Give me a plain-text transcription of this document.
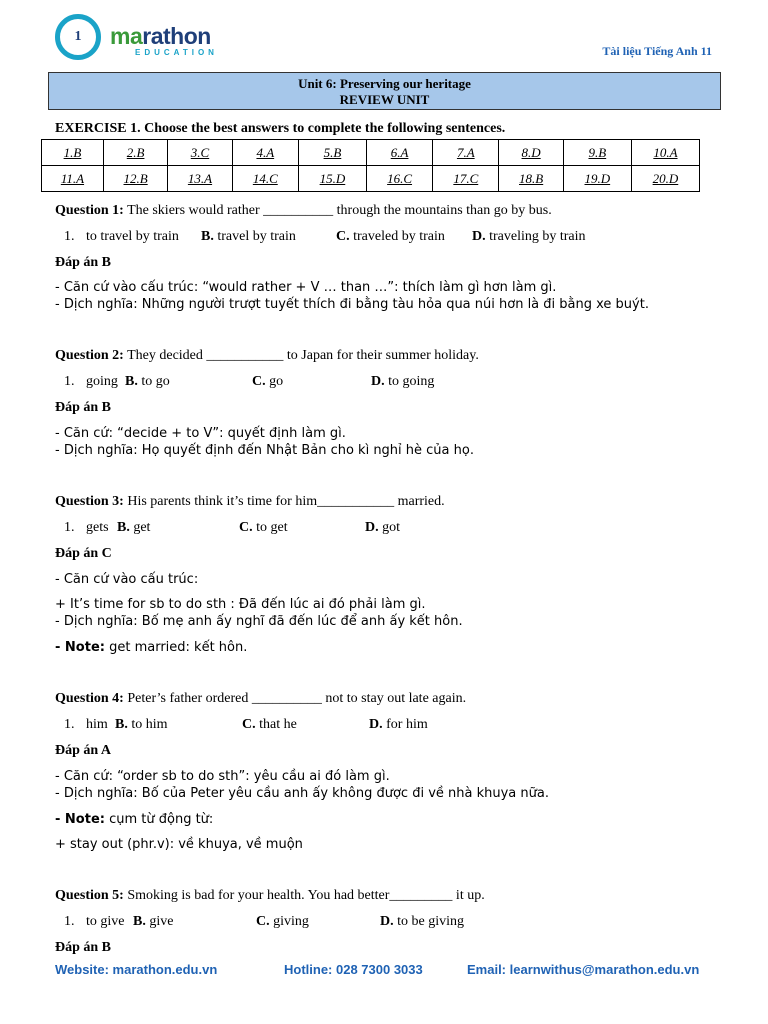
1 marathon
EDUCATION	Tài liệu Tiếng Anh 11
Unit 6: Preserving our heritage
REVIEW UNIT
EXERCISE 1. Choose the best answers to complete the following sentences.
1.B	2.B	3.C	4.A	5.B	6.A	7.A	8.D	9.B	10.A
11.A	12.B	13.A	14.C	15.D	16.C	17.C	18.B	19.D	20.D
Question 1: The skiers would rather __________ through the mountains than go by bus.
1. to travel by train B. travel by train	C. traveled by train D. traveling by train
Đáp án B
- Căn cứ vào cấu trúc: “would rather + V … than …”: thích làm gì hơn làm gì.
- Dịch nghĩa: Những người trượt tuyết thích đi bằng tàu hỏa qua núi hơn là đi bằng xe buýt.
Question 2: They decided ___________ to Japan for their summer holiday.
1. going B. to go	C. go	D. to going
Đáp án B
- Căn cứ: “decide + to V”: quyết định làm gì.
- Dịch nghĩa: Họ quyết định đến Nhật Bản cho kì nghỉ hè của họ.
Question 3: His parents think it’s time for him___________ married.
1. gets B. get	C. to get	D. got
Đáp án C
- Căn cứ vào cấu trúc:
+ It’s time for sb to do sth : Đã đến lúc ai đó phải làm gì.
- Dịch nghĩa: Bố mẹ anh ấy nghĩ đã đến lúc để anh ấy kết hôn.
- Note: get married: kết hôn.
Question 4: Peter’s father ordered __________ not to stay out late again.
1. him B. to him	C. that he	D. for him
Đáp án A
- Căn cứ: “order sb to do sth”: yêu cầu ai đó làm gì.
- Dịch nghĩa: Bố của Peter yêu cầu anh ấy không được đi về nhà khuya nữa.
- Note: cụm từ động từ:
+ stay out (phr.v): về khuya, về muộn
Question 5: Smoking is bad for your health. You had better_________ it up.
1. to give B. give	C. giving	D. to be giving
Đáp án B
Website: marathon.edu.vn	Hotline: 028 7300 3033	Email: learnwithus@marathon.edu.vn
